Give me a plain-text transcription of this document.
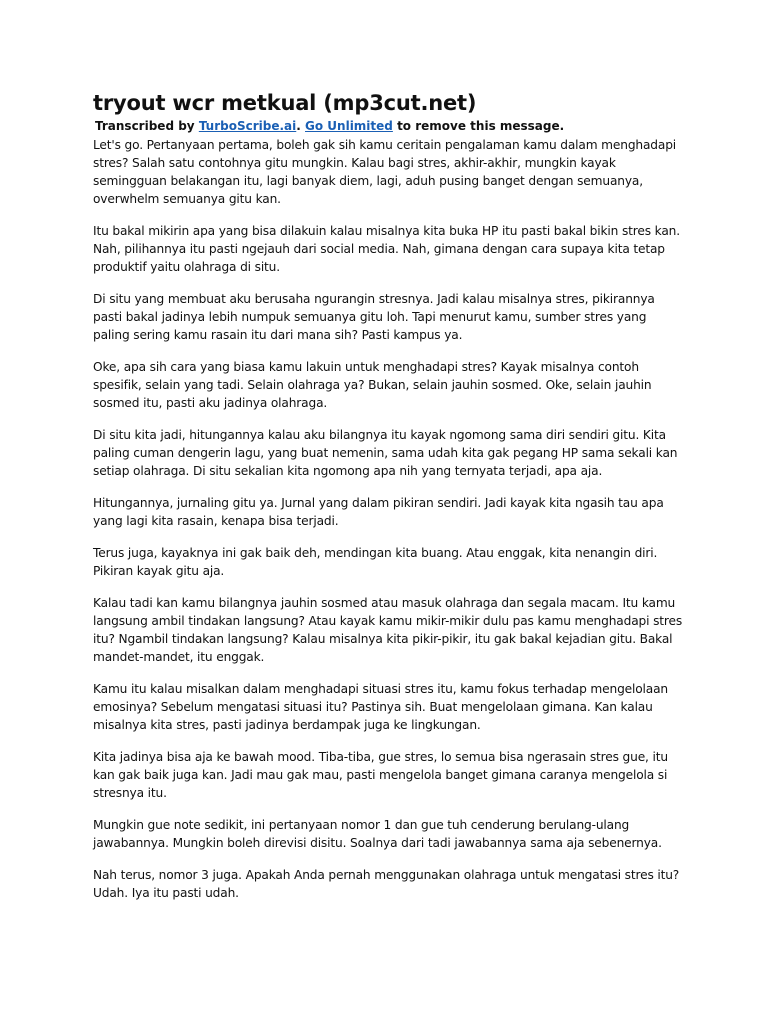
tryout wcr metkual (mp3cut.net)

Transcribed by TurboScribe.ai. Go Unlimited to remove this message.

Let's go. Pertanyaan pertama, boleh gak sih kamu ceritain pengalaman kamu dalam menghadapi stres? Salah satu contohnya gitu mungkin. Kalau bagi stres, akhir-akhir, mungkin kayak semingguan belakangan itu, lagi banyak diem, lagi, aduh pusing banget dengan semuanya, overwhelm semuanya gitu kan.

Itu bakal mikirin apa yang bisa dilakuin kalau misalnya kita buka HP itu pasti bakal bikin stres kan. Nah, pilihannya itu pasti ngejauh dari social media. Nah, gimana dengan cara supaya kita tetap produktif yaitu olahraga di situ.

Di situ yang membuat aku berusaha ngurangin stresnya. Jadi kalau misalnya stres, pikirannya pasti bakal jadinya lebih numpuk semuanya gitu loh. Tapi menurut kamu, sumber stres yang paling sering kamu rasain itu dari mana sih? Pasti kampus ya.

Oke, apa sih cara yang biasa kamu lakuin untuk menghadapi stres? Kayak misalnya contoh spesifik, selain yang tadi. Selain olahraga ya? Bukan, selain jauhin sosmed. Oke, selain jauhin sosmed itu, pasti aku jadinya olahraga.

Di situ kita jadi, hitungannya kalau aku bilangnya itu kayak ngomong sama diri sendiri gitu. Kita paling cuman dengerin lagu, yang buat nemenin, sama udah kita gak pegang HP sama sekali kan setiap olahraga. Di situ sekalian kita ngomong apa nih yang ternyata terjadi, apa aja.

Hitungannya, jurnaling gitu ya. Jurnal yang dalam pikiran sendiri. Jadi kayak kita ngasih tau apa yang lagi kita rasain, kenapa bisa terjadi.

Terus juga, kayaknya ini gak baik deh, mendingan kita buang. Atau enggak, kita nenangin diri. Pikiran kayak gitu aja.

Kalau tadi kan kamu bilangnya jauhin sosmed atau masuk olahraga dan segala macam. Itu kamu langsung ambil tindakan langsung? Atau kayak kamu mikir-mikir dulu pas kamu menghadapi stres itu? Ngambil tindakan langsung? Kalau misalnya kita pikir-pikir, itu gak bakal kejadian gitu. Bakal mandet-mandet, itu enggak.

Kamu itu kalau misalkan dalam menghadapi situasi stres itu, kamu fokus terhadap mengelolaan emosinya? Sebelum mengatasi situasi itu? Pastinya sih. Buat mengelolaan gimana. Kan kalau misalnya kita stres, pasti jadinya berdampak juga ke lingkungan.

Kita jadinya bisa aja ke bawah mood. Tiba-tiba, gue stres, lo semua bisa ngerasain stres gue, itu kan gak baik juga kan. Jadi mau gak mau, pasti mengelola banget gimana caranya mengelola si stresnya itu.

Mungkin gue note sedikit, ini pertanyaan nomor 1 dan gue tuh cenderung berulang-ulang jawabannya. Mungkin boleh direvisi disitu. Soalnya dari tadi jawabannya sama aja sebenernya.

Nah terus, nomor 3 juga. Apakah Anda pernah menggunakan olahraga untuk mengatasi stres itu? Udah. Iya itu pasti udah.
